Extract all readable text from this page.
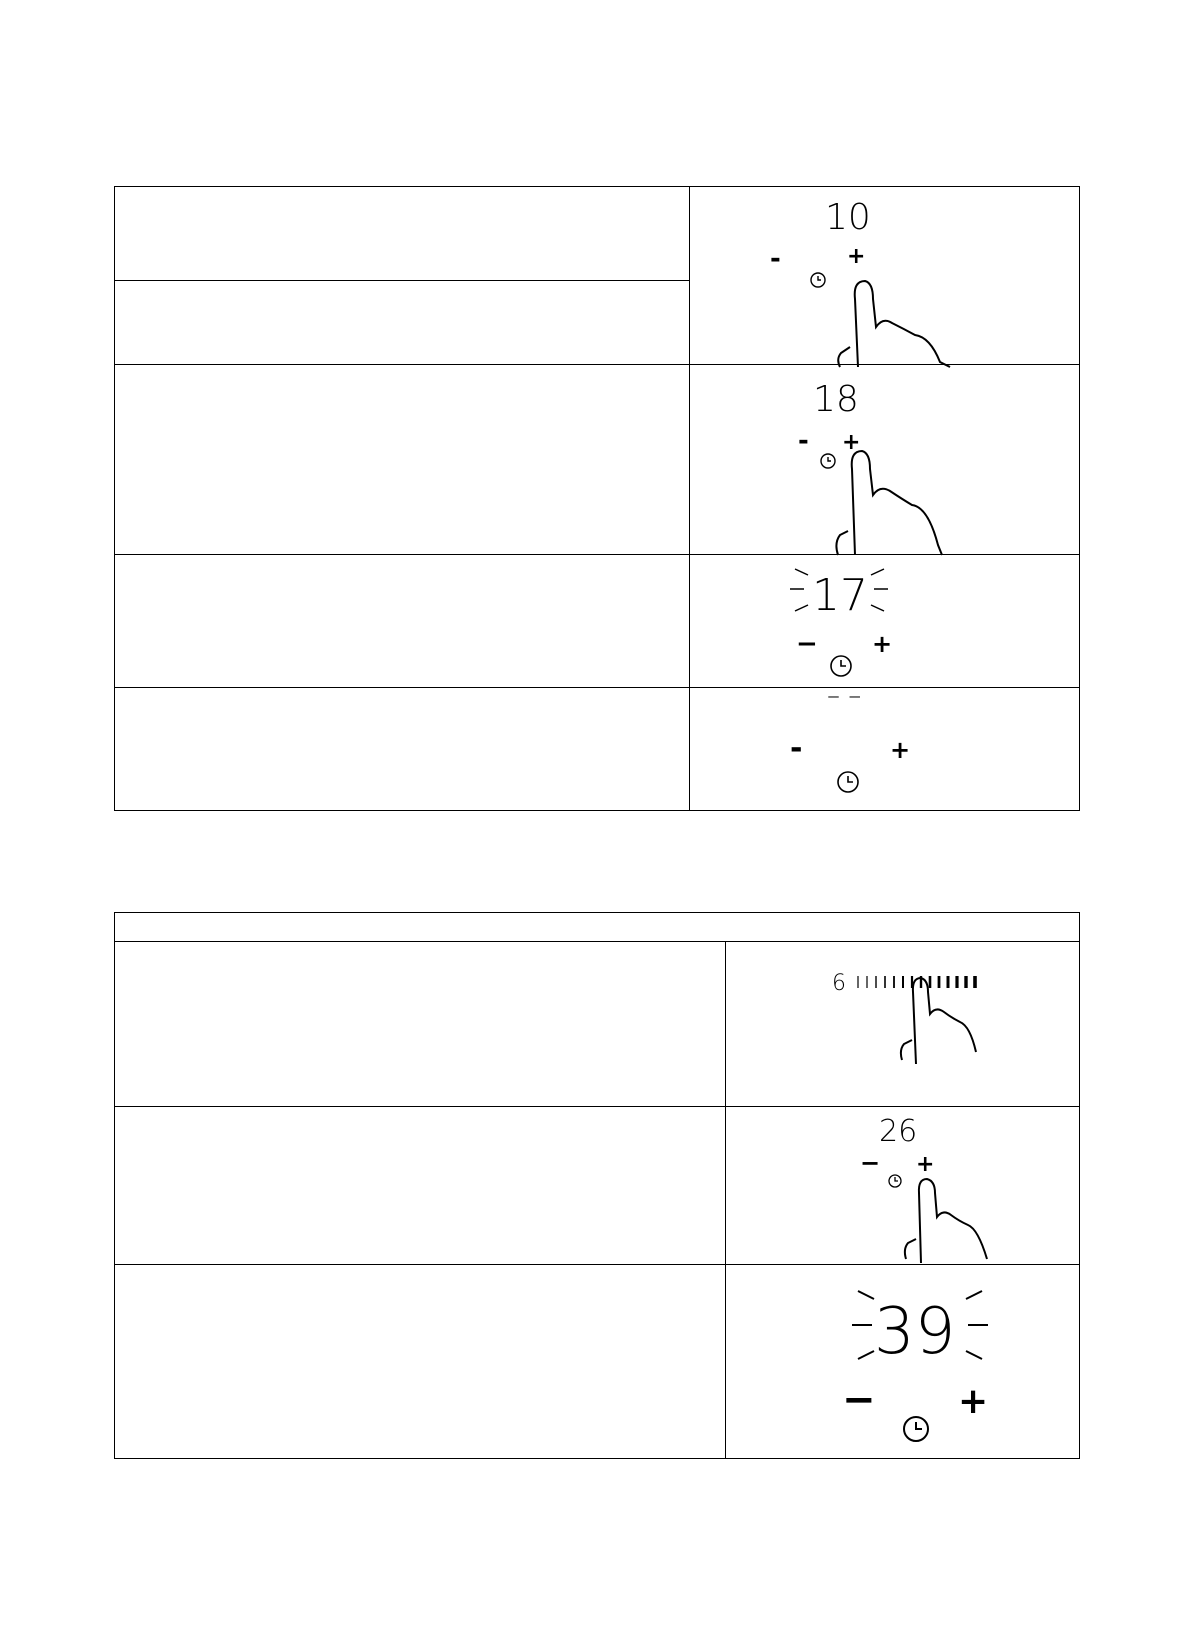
10
- +

18
- +

17
− +

– –
- +

6

26
− +

39
− +
